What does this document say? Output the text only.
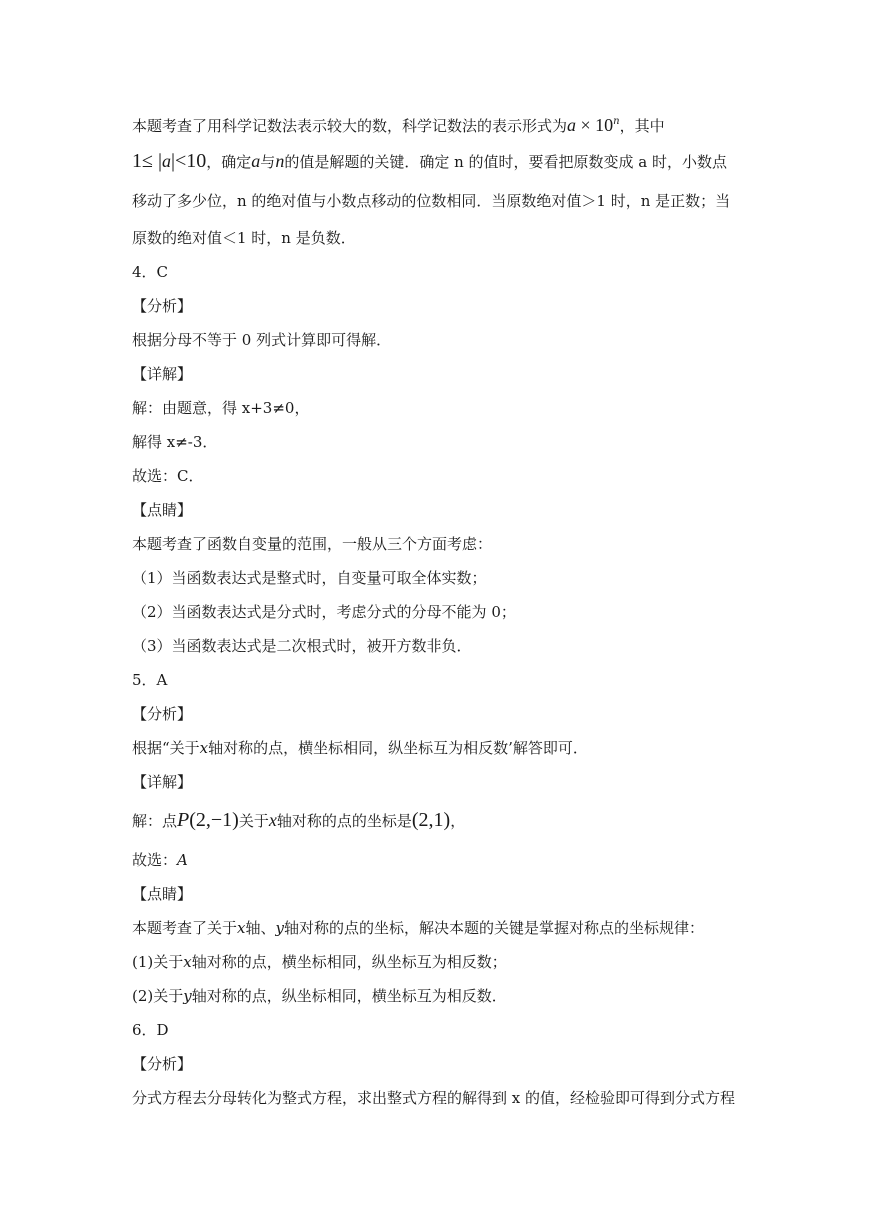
本题考查了用科学记数法表示较大的数，科学记数法的表示形式为$a \times 10^n$，其中
1≤ |a|<10，确定a与n的值是解题的关键．确定 n 的值时，要看把原数变成 a 时，小数点
移动了多少位，n 的绝对值与小数点移动的位数相同．当原数绝对值＞1 时，n 是正数；当
原数的绝对值＜1 时，n 是负数．
4．C
【分析】
根据分母不等于 0 列式计算即可得解．
【详解】
解：由题意，得 x+3≠0，
解得 x≠-3．
故选：C．
【点睛】
本题考查了函数自变量的范围，一般从三个方面考虑：
（1）当函数表达式是整式时，自变量可取全体实数；
（2）当函数表达式是分式时，考虑分式的分母不能为 0；
（3）当函数表达式是二次根式时，被开方数非负．
5．A
【分析】
根据“关于x轴对称的点，横坐标相同，纵坐标互为相反数’解答即可．
【详解】
解：点P(2,−1)关于x轴对称的点的坐标是(2,1)，
故选：A
【点睛】
本题考查了关于x轴、y轴对称的点的坐标，解决本题的关键是掌握对称点的坐标规律：
(1)关于x轴对称的点，横坐标相同，纵坐标互为相反数；
(2)关于y轴对称的点，纵坐标相同，横坐标互为相反数．
6．D
【分析】
分式方程去分母转化为整式方程，求出整式方程的解得到 x 的值，经检验即可得到分式方程
